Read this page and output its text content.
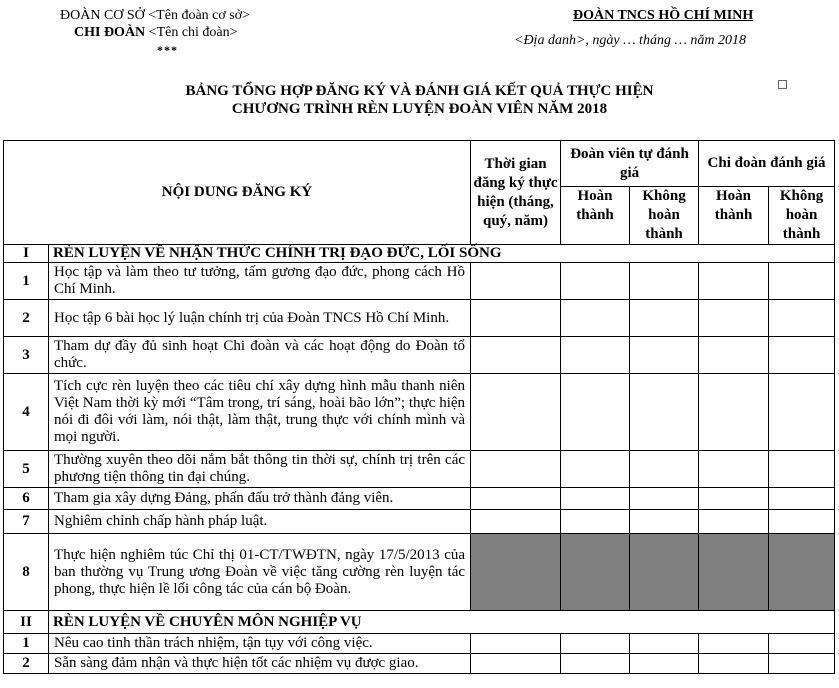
ĐOÀN CƠ SỞ <Tên đoàn cơ sở>
CHI ĐOÀN <Tên chi đoàn>
***
ĐOÀN TNCS HỒ CHÍ MINH
<Địa danh>, ngày … tháng … năm 2018
BẢNG TỔNG HỢP ĐĂNG KÝ VÀ ĐÁNH GIÁ KẾT QUẢ THỰC HIỆN
CHƯƠNG TRÌNH RÈN LUYỆN ĐOÀN VIÊN NĂM 2018
NỘI DUNG ĐĂNG KÝ		Thời gian đăng ký thực hiện (tháng, quý, năm)	Đoàn viên tự đánh giá		Chi đoàn đánh giá	
			Hoàn thành	Không hoàn thành	Hoàn thành	Không hoàn thành
I	RÈN LUYỆN VỀ NHẬN THỨC CHÍNH TRỊ ĐẠO ĐỨC, LỐI SỐNG					
1	Học tập và làm theo tư tưởng, tấm gương đạo đức, phong cách Hồ Chí Minh.					
2	Học tập 6 bài học lý luận chính trị của Đoàn TNCS Hồ Chí Minh.					
3	Tham dự đầy đủ sinh hoạt Chi đoàn và các hoạt động do Đoàn tổ chức.					
4	Tích cực rèn luyện theo các tiêu chí xây dựng hình mẫu thanh niên Việt Nam thời kỳ mới “Tâm trong, trí sáng, hoài bão lớn”; thực hiện nói đi đôi với làm, nói thật, làm thật, trung thực với chính mình và mọi người.					
5	Thường xuyên theo dõi nắm bắt thông tin thời sự, chính trị trên các phương tiện thông tin đại chúng.					
6	Tham gia xây dựng Đảng, phấn đấu trở thành đảng viên.					
7	Nghiêm chỉnh chấp hành pháp luật.					
8	Thực hiện nghiêm túc Chỉ thị 01-CT/TWĐTN, ngày 17/5/2013 của ban thường vụ Trung ương Đoàn về việc tăng cường rèn luyện tác phong, thực hiện lề lối công tác của cán bộ Đoàn.					
II	RÈN LUYỆN VỀ CHUYÊN MÔN NGHIỆP VỤ					
1	Nêu cao tinh thần trách nhiệm, tận tụy với công việc.					
2	Sẵn sàng đảm nhận và thực hiện tốt các nhiệm vụ được giao.					
